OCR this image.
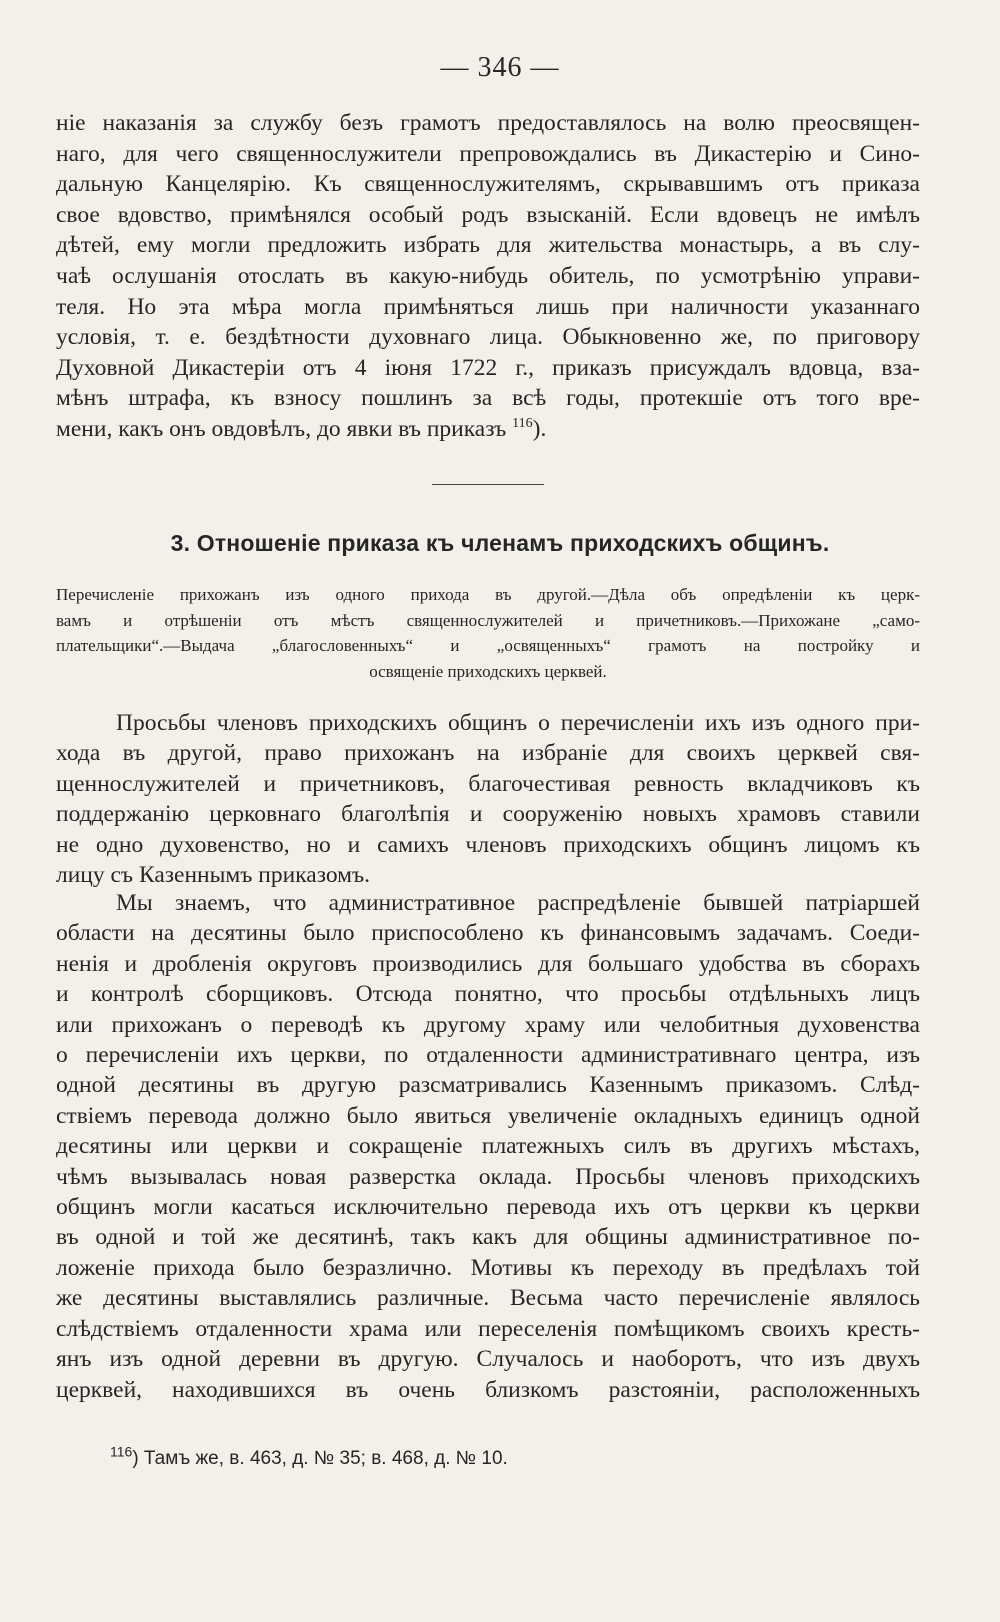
— 346 —
ніе наказанія за службу безъ грамотъ предоставлялось на волю преосвящен-
наго, для чего священнослужители препровождались въ Дикастерію и Сино-
дальную Канцелярію. Къ священнослужителямъ, скрывавшимъ отъ приказа
свое вдовство, примѣнялся особый родъ взысканій. Если вдовецъ не имѣлъ
дѣтей, ему могли предложить избрать для жительства монастырь, а въ слу-
чаѣ ослушанія отослать въ какую-нибудь обитель, по усмотрѣнію управи-
теля. Но эта мѣра могла примѣняться лишь при наличности указаннаго
условія, т. е. бездѣтности духовнаго лица. Обыкновенно же, по приговору
Духовной Дикастеріи отъ 4 іюня 1722 г., приказъ присуждалъ вдовца, вза-
мѣнъ штрафа, къ взносу пошлинъ за всѣ годы, протекшіе отъ того вре-
мени, какъ онъ овдовѣлъ, до явки въ приказъ $^{116}$).
3. Отношеніе приказа къ членамъ приходскихъ общинъ.
Перечисленіе прихожанъ изъ одного прихода въ другой.—Дѣла объ опредѣленіи къ церк-
вамъ и отрѣшеніи отъ мѣстъ священнослужителей и причетниковъ.—Прихожане „само-
плательщики“.—Выдача „благословенныхъ“ и „освященныхъ“ грамотъ на постройку и
освященіе приходскихъ церквей.
Просьбы членовъ приходскихъ общинъ о перечисленіи ихъ изъ одного при-
хода въ другой, право прихожанъ на избраніе для своихъ церквей свя-
щеннослужителей и причетниковъ, благочестивая ревность вкладчиковъ къ
поддержанію церковнаго благолѣпія и сооруженію новыхъ храмовъ ставили
не одно духовенство, но и самихъ членовъ приходскихъ общинъ лицомъ къ
лицу съ Казеннымъ приказомъ.
Мы знаемъ, что административное распредѣленіе бывшей патріаршей
области на десятины было приспособлено къ финансовымъ задачамъ. Соеди-
ненія и дробленія округовъ производились для большаго удобства въ сборахъ
и контролѣ сборщиковъ. Отсюда понятно, что просьбы отдѣльныхъ лицъ
или прихожанъ о переводѣ къ другому храму или челобитныя духовенства
о перечисленіи ихъ церкви, по отдаленности административнаго центра, изъ
одной десятины въ другую разсматривались Казеннымъ приказомъ. Слѣд-
ствіемъ перевода должно было явиться увеличеніе окладныхъ единицъ одной
десятины или церкви и сокращеніе платежныхъ силъ въ другихъ мѣстахъ,
чѣмъ вызывалась новая разверстка оклада. Просьбы членовъ приходскихъ
общинъ могли касаться исключительно перевода ихъ отъ церкви къ церкви
въ одной и той же десятинѣ, такъ какъ для общины административное по-
ложеніе прихода было безразлично. Мотивы къ переходу въ предѣлахъ той
же десятины выставлялись различные. Весьма часто перечисленіе являлось
слѣдствіемъ отдаленности храма или переселенія помѣщикомъ своихъ кресть-
янъ изъ одной деревни въ другую. Случалось и наоборотъ, что изъ двухъ
церквей, находившихся въ очень близкомъ разстояніи, расположенныхъ
$^{116}$) Тамъ же, в. 463, д. № 35; в. 468, д. № 10.
